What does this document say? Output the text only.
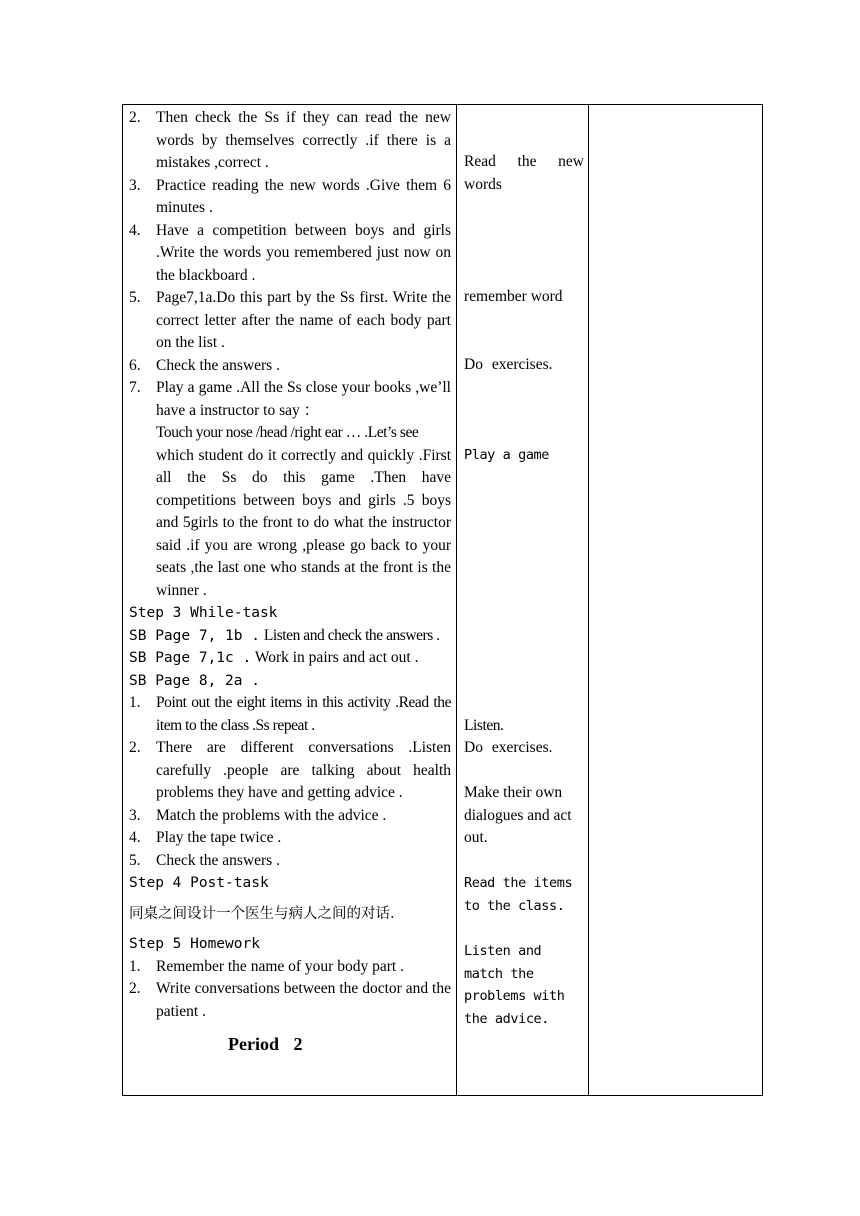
2. Then check the Ss if they can read the new words by themselves correctly .if there is a mistakes ,correct .
3. Practice reading the new words .Give them 6 minutes .
4. Have a competition between boys and girls .Write the words you remembered just now on the blackboard .
5. Page7,1a.Do this part by the Ss first. Write the correct letter after the name of each body part on the list .
6. Check the answers .
7. Play a game .All the Ss close your books ,we’ll have a instructor to say ：
Touch your nose /head /right ear … .Let’s see
which student do it correctly and quickly .First all the Ss do this game .Then have competitions between boys and girls .5 boys and 5girls to the front to do what the instructor said .if you are wrong ,please go back to your seats ,the last one who stands at the front is the winner .
Step 3 While-task
SB Page 7, 1b . Listen and check the answers .
SB Page 7,1c . Work in pairs and act out .
SB Page 8, 2a .
1. Point out the eight items in this activity .Read the item to the class .Ss repeat .
2. There are different conversations .Listen carefully .people are talking about health problems they have and getting advice .
3. Match the problems with the advice .
4. Play the tape twice .
5. Check the answers .
Step 4 Post-task
同桌之间设计一个医生与病人之间的对话.
Step 5 Homework
1. Remember the name of your body part .
2. Write conversations between the doctor and the patient .
Period 2
Read the new words
remember word
Do exercises.
Play a game
Listen.
Do exercises.
Make their own dialogues and act out.
Read the items to the class.
Listen and match the problems with the advice.
